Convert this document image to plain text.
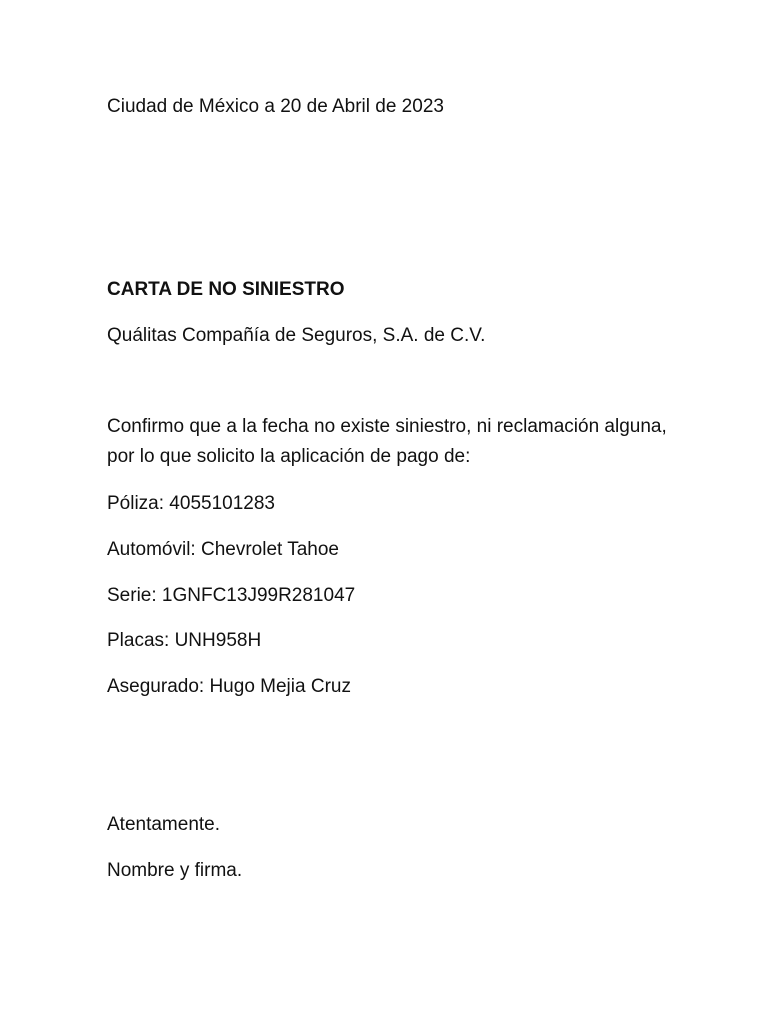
Ciudad de México a 20 de Abril de 2023

CARTA DE NO SINIESTRO

Quálitas Compañía de Seguros, S.A. de C.V.

Confirmo que a la fecha no existe siniestro, ni reclamación alguna, por lo que solicito la aplicación de pago de:

Póliza: 4055101283

Automóvil: Chevrolet Tahoe

Serie: 1GNFC13J99R281047

Placas: UNH958H

Asegurado: Hugo Mejia Cruz

Atentamente.

Nombre y firma.
